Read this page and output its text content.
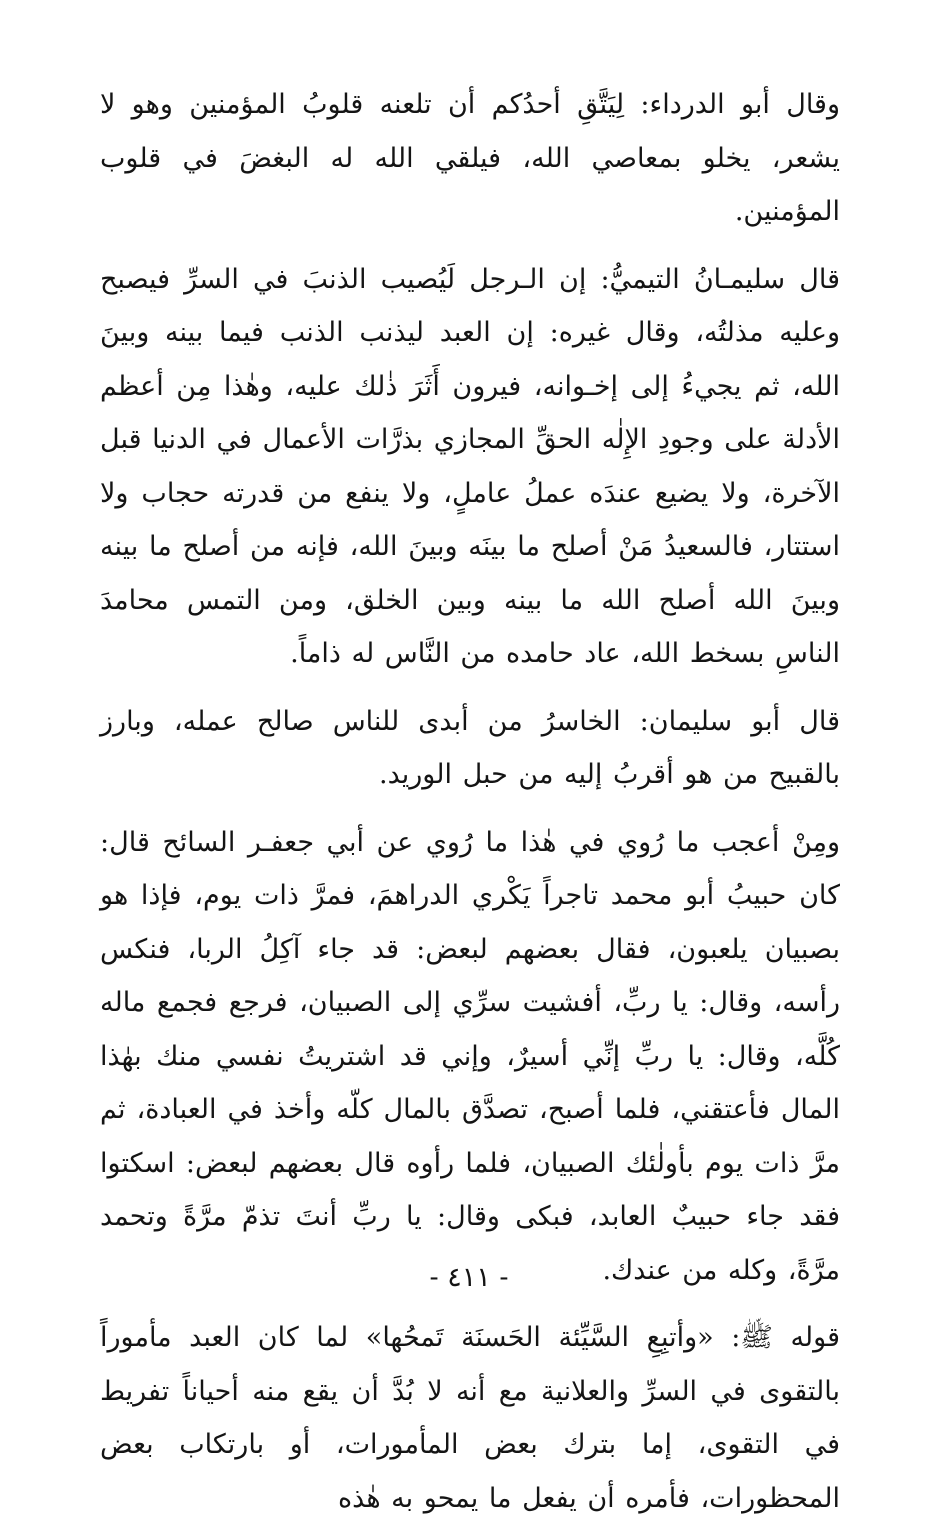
وقال أبو الدرداء: لِيَتَّقِ أحدُكم أن تلعنه قلوبُ المؤمنين وهو لا يشعر، يخلو بمعاصي الله، فيلقي الله له البغضَ في قلوب المؤمنين.

قال سليمـانُ التيميُّ: إن الـرجل لَيُصيب الذنبَ في السرِّ فيصبح وعليه مذلتُه، وقال غيره: إن العبد ليذنب الذنب فيما بينه وبينَ الله، ثم يجيءُ إلى إخـوانه، فيرون أَثَرَ ذٰلك عليه، وهٰذا مِن أعظم الأدلة على وجودِ الإِلٰه الحقِّ المجازي بذرَّات الأعمال في الدنيا قبل الآخرة، ولا يضيع عندَه عملُ عاملٍ، ولا ينفع من قدرته حجاب ولا استتار، فالسعيدُ مَنْ أصلح ما بينَه وبينَ الله، فإنه من أصلح ما بينه وبينَ الله أصلح الله ما بينه وبين الخلق، ومن التمس محامدَ الناسِ بسخط الله، عاد حامده من النَّاس له ذاماً.

قال أبو سليمان: الخاسرُ من أبدى للناس صالح عمله، وبارز بالقبيح من هو أقربُ إليه من حبل الوريد.

ومِنْ أعجب ما رُوي في هٰذا ما رُوي عن أبي جعفـر السائح قال: كان حبيبُ أبو محمد تاجراً يَكْري الدراهمَ، فمرَّ ذات يوم، فإذا هو بصبيان يلعبون، فقال بعضهم لبعض: قد جاء آكِلُ الربا، فنكس رأسه، وقال: يا ربِّ، أفشيت سرِّي إلى الصبيان، فرجع فجمع ماله كُلَّه، وقال: يا ربِّ إنِّي أسيرٌ، وإني قد اشتريتُ نفسي منك بهٰذا المال فأعتقني، فلما أصبح، تصدَّق بالمال كلّه وأخذ في العبادة، ثم مرَّ ذات يوم بأولٰئك الصبيان، فلما رأوه قال بعضهم لبعض: اسكتوا فقد جاء حبيبٌ العابد، فبكى وقال: يا ربِّ أنتَ تذمّ مرَّةً وتحمد مرَّةً، وكله من عندك.

قوله ﷺ: «وأتبِعِ السَّيِّئة الحَسنَة تَمحُها» لما كان العبد مأموراً بالتقوى في السرِّ والعلانية مع أنه لا بُدَّ أن يقع منه أحياناً تفريط في التقوى، إما بترك بعض المأمورات، أو بارتكاب بعض المحظورات، فأمره أن يفعل ما يمحو به هٰذه

- ٤١١ -
